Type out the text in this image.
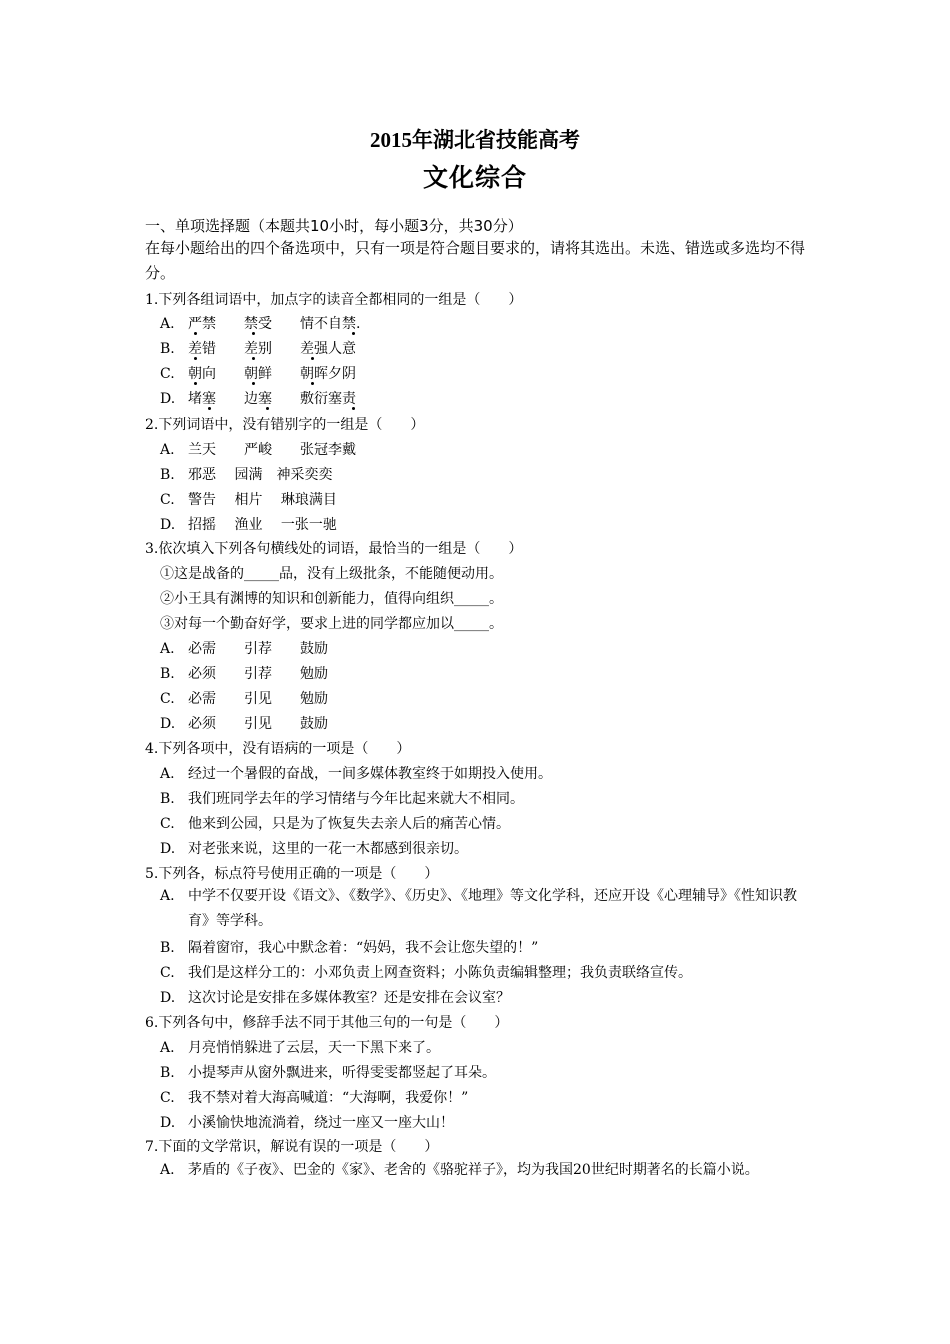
2015年湖北省技能高考
文化综合
一、单项选择题（本题共10小时，每小题3分，共30分）
在每小题给出的四个备选项中，只有一项是符合题目要求的，请将其选出。未选、错选或多选均不得分。
1.下列各组词语中，加点字的读音全都相同的一组是（　　）
A. 严禁　　禁受　　情不自禁.
B. 差错　　差别　　差强人意
C. 朝向　　朝鲜　　朝晖夕阴
D. 堵塞　　边塞　　敷衍塞责
2.下列词语中，没有错别字的一组是（　　）
A. 兰天　　严峻　　张冠李戴
B. 邪恶　 园满　神采奕奕
C. 警告　 相片　 琳琅满目
D. 招摇　 渔业　 一张一驰
3.依次填入下列各句横线处的词语，最恰当的一组是（　　）
①这是战备的_____品，没有上级批条，不能随便动用。
②小王具有渊博的知识和创新能力，值得向组织_____。
③对每一个勤奋好学，要求上进的同学都应加以_____。
A. 必需　　引荐　　鼓励
B. 必须　　引荐　　勉励
C. 必需　　引见　　勉励
D. 必须　　引见　　鼓励
4.下列各项中，没有语病的一项是（　　）
A. 经过一个暑假的奋战，一间多媒体教室终于如期投入使用。
B. 我们班同学去年的学习情绪与今年比起来就大不相同。
C. 他来到公园，只是为了恢复失去亲人后的痛苦心情。
D. 对老张来说，这里的一花一木都感到很亲切。
5.下列各，标点符号使用正确的一项是（　　）
A. 中学不仅要开设《语文》、《数学》、《历史》、《地理》等文化学科，还应开设《心理辅导》《性知识教育》等学科。
B. 隔着窗帘，我心中默念着：“妈妈，我不会让您失望的！”
C. 我们是这样分工的：小邓负责上网查资料；小陈负责编辑整理；我负责联络宣传。
D. 这次讨论是安排在多媒体教室？还是安排在会议室？
6.下列各句中，修辞手法不同于其他三句的一句是（　　）
A. 月亮悄悄躲进了云层，天一下黑下来了。
B. 小提琴声从窗外飘进来，听得雯雯都竖起了耳朵。
C. 我不禁对着大海高喊道：“大海啊，我爱你！”
D. 小溪愉快地流淌着，绕过一座又一座大山！
7.下面的文学常识，解说有误的一项是（　　）
A. 茅盾的《子夜》、巴金的《家》、老舍的《骆驼祥子》，均为我国20世纪时期著名的长篇小说。
